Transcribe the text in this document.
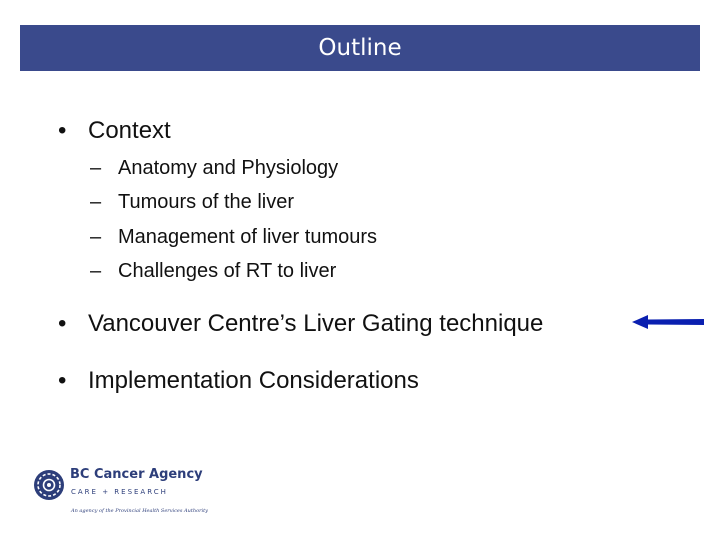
Outline
• Context
– Anatomy and Physiology
– Tumours of the liver
– Management of liver tumours
– Challenges of RT to liver
• Vancouver Centre’s Liver Gating technique
• Implementation Considerations
BC Cancer Agency
CARE + RESEARCH
An agency of the Provincial Health Services Authority
